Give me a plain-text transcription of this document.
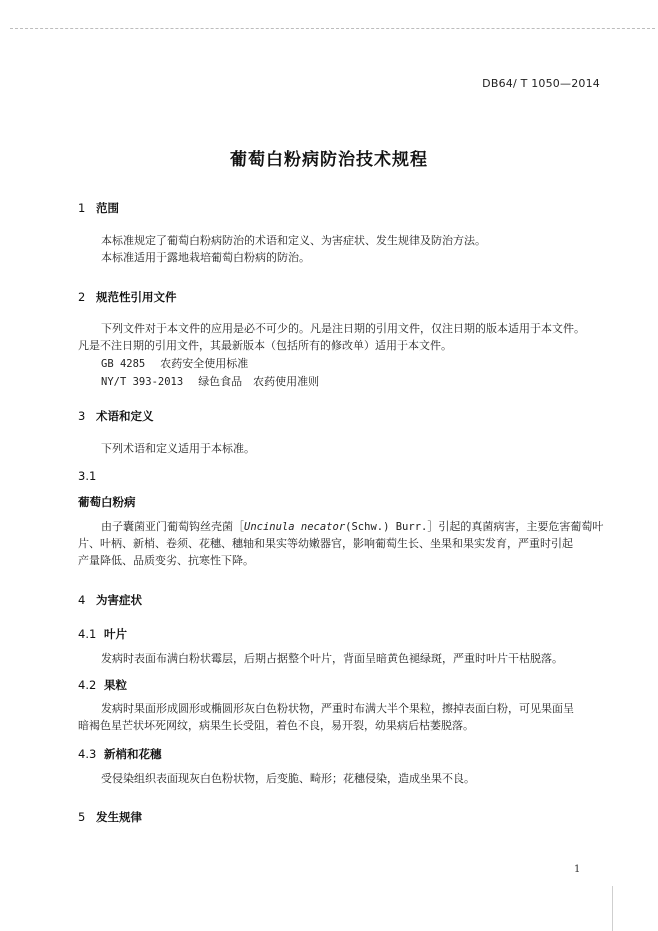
DB64/ T 1050—2014
葡萄白粉病防治技术规程
1 范围
本标准规定了葡萄白粉病防治的术语和定义、为害症状、发生规律及防治方法。
本标准适用于露地栽培葡萄白粉病的防治。
2 规范性引用文件
下列文件对于本文件的应用是必不可少的。凡是注日期的引用文件，仅注日期的版本适用于本文件。
凡是不注日期的引用文件，其最新版本（包括所有的修改单）适用于本文件。
GB 4285 农药安全使用标准
NY/T 393-2013 绿色食品　农药使用准则
3 术语和定义
下列术语和定义适用于本标准。
3.1
葡萄白粉病
由子囊菌亚门葡萄钩丝壳菌［Uncinula necator(Schw.) Burr.］引起的真菌病害，主要危害葡萄叶
片、叶柄、新梢、卷须、花穗、穗轴和果实等幼嫩器官，影响葡萄生长、坐果和果实发育，严重时引起
产量降低、品质变劣、抗寒性下降。
4 为害症状
4.1 叶片
发病时表面布满白粉状霉层，后期占据整个叶片，背面呈暗黄色褪绿斑，严重时叶片干枯脱落。
4.2 果粒
发病时果面形成圆形或椭圆形灰白色粉状物，严重时布满大半个果粒，擦掉表面白粉，可见果面呈
暗褐色星芒状坏死网纹，病果生长受阻，着色不良，易开裂，幼果病后枯萎脱落。
4.3 新梢和花穗
受侵染组织表面现灰白色粉状物，后变脆、畸形；花穗侵染，造成坐果不良。
5 发生规律
1
